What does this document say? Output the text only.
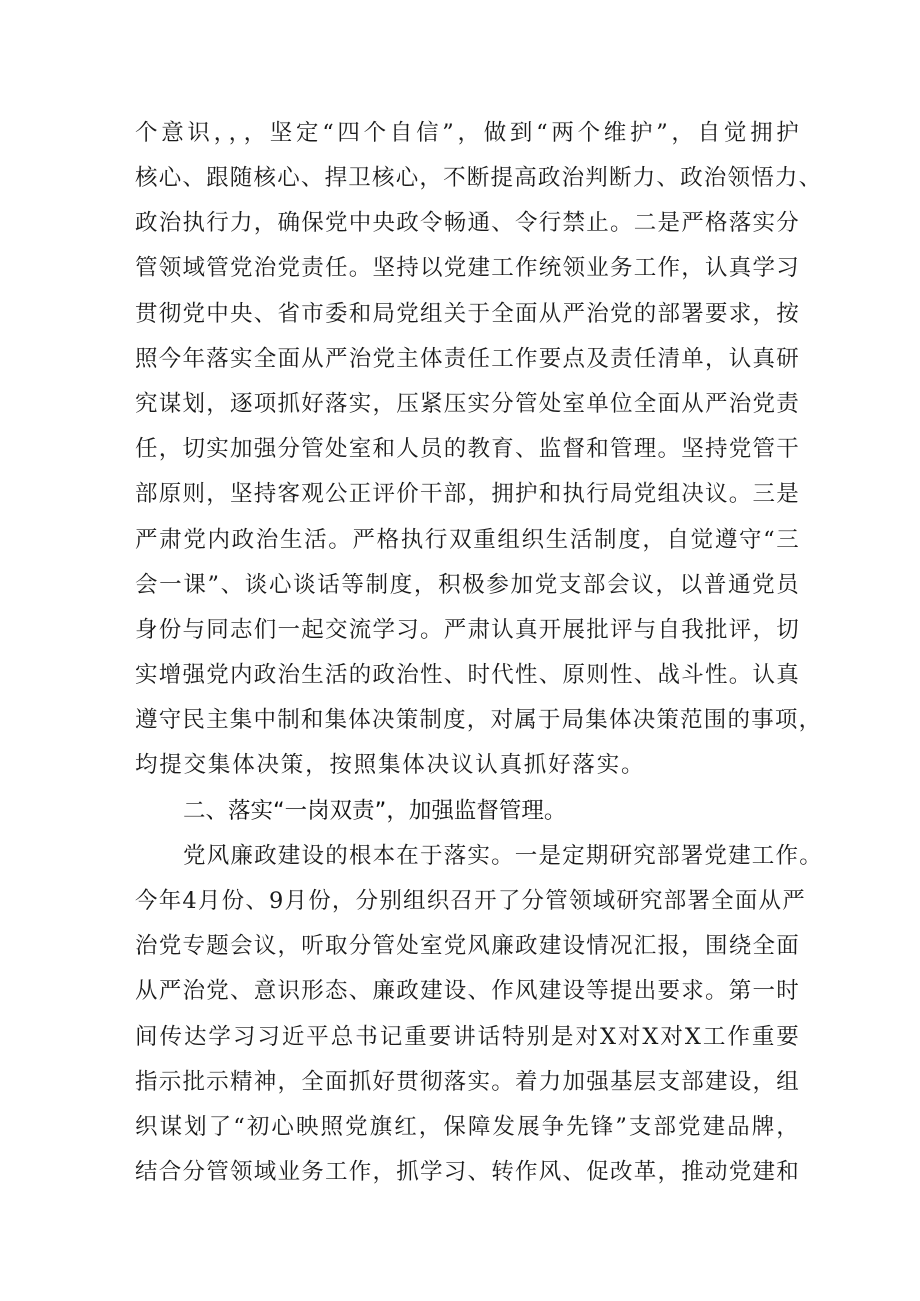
个意识，，，坚定“四个自信”，做到“两个维护”，自觉拥护
核心、跟随核心、捍卫核心，不断提高政治判断力、政治领悟力、
政治执行力，确保党中央政令畅通、令行禁止。二是严格落实分
管领域管党治党责任。坚持以党建工作统领业务工作，认真学习
贯彻党中央、省市委和局党组关于全面从严治党的部署要求，按
照今年落实全面从严治党主体责任工作要点及责任清单，认真研
究谋划，逐项抓好落实，压紧压实分管处室单位全面从严治党责
任，切实加强分管处室和人员的教育、监督和管理。坚持党管干
部原则，坚持客观公正评价干部，拥护和执行局党组决议。三是
严肃党内政治生活。严格执行双重组织生活制度，自觉遵守“三
会一课”、谈心谈话等制度，积极参加党支部会议，以普通党员
身份与同志们一起交流学习。严肃认真开展批评与自我批评，切
实增强党内政治生活的政治性、时代性、原则性、战斗性。认真
遵守民主集中制和集体决策制度，对属于局集体决策范围的事项，
均提交集体决策，按照集体决议认真抓好落实。
二、落实“一岗双责”，加强监督管理。
党风廉政建设的根本在于落实。一是定期研究部署党建工作。
今年4月份、9月份，分别组织召开了分管领域研究部署全面从严
治党专题会议，听取分管处室党风廉政建设情况汇报，围绕全面
从严治党、意识形态、廉政建设、作风建设等提出要求。第一时
间传达学习习近平总书记重要讲话特别是对X对X对X工作重要
指示批示精神，全面抓好贯彻落实。着力加强基层支部建设，组
织谋划了“初心映照党旗红，保障发展争先锋”支部党建品牌，
结合分管领域业务工作，抓学习、转作风、促改革，推动党建和
